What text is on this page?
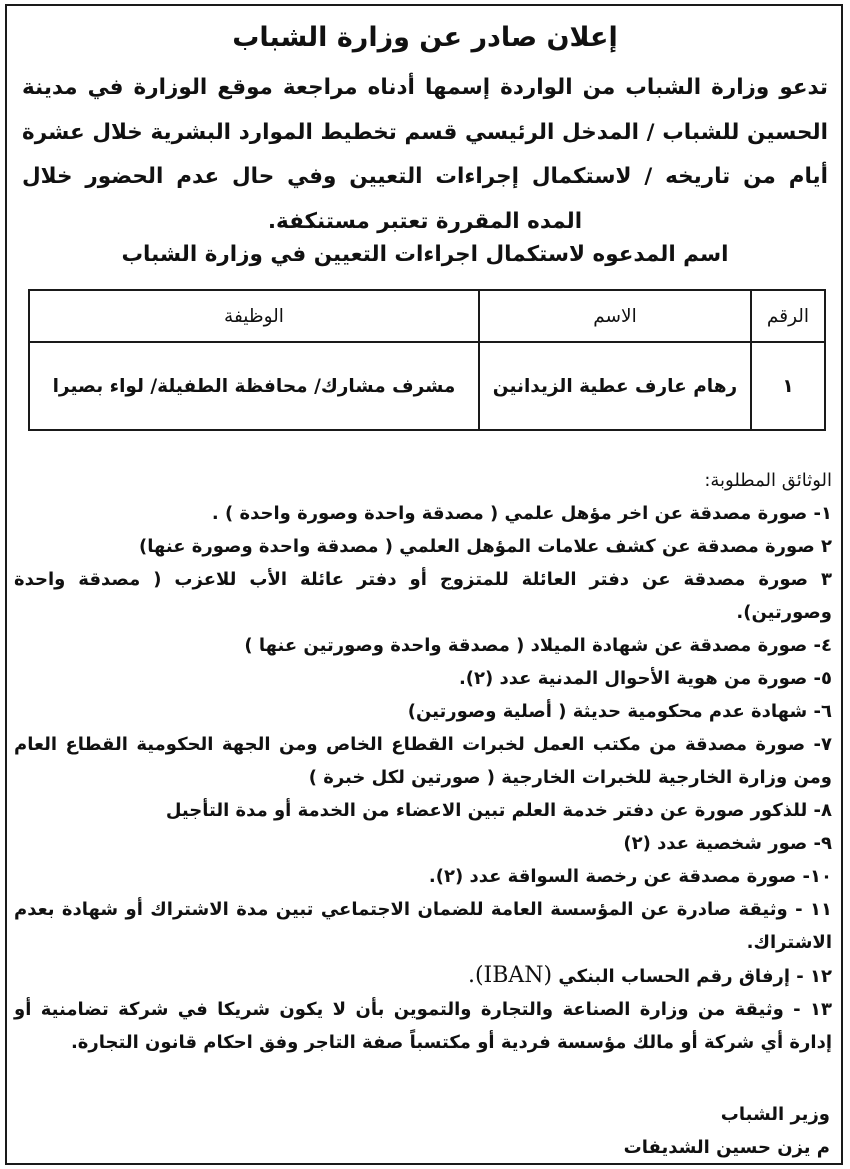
إعلان صادر عن وزارة الشباب
تدعو وزارة الشباب من الواردة إسمها أدناه مراجعة موقع الوزارة في مدينة الحسين للشباب / المدخل الرئيسي قسم تخطيط الموارد البشرية خلال عشرة أيام من تاريخه / لاستكمال إجراءات التعيين وفي حال عدم الحضور خلال المده المقررة تعتبر مستنكفة.
اسم المدعوه لاستكمال اجراءات التعيين في وزارة الشباب
الرقم	الاسم	الوظيفة
١	رهام عارف عطية الزيدانين	مشرف مشارك/ محافظة الطفيلة/ لواء بصيرا
الوثائق المطلوبة:
١- صورة مصدقة عن اخر مؤهل علمي ( مصدقة واحدة وصورة واحدة ) .
٢ صورة مصدقة عن كشف علامات المؤهل العلمي ( مصدقة واحدة وصورة عنها)
٣ صورة مصدقة عن دفتر العائلة للمتزوج أو دفتر عائلة الأب للاعزب ( مصدقة واحدة وصورتين).
٤- صورة مصدقة عن شهادة الميلاد ( مصدقة واحدة وصورتين عنها )
٥- صورة من هوية الأحوال المدنية عدد (٢).
٦- شهادة عدم محكومية حديثة ( أصلية وصورتين)
٧- صورة مصدقة من مكتب العمل لخبرات القطاع الخاص ومن الجهة الحكومية القطاع العام ومن وزارة الخارجية للخبرات الخارجية ( صورتين لكل خبرة )
٨- للذكور صورة عن دفتر خدمة العلم تبين الاعضاء من الخدمة أو مدة التأجيل
٩- صور شخصية عدد (٢)
١٠- صورة مصدقة عن رخصة السواقة عدد (٢).
١١ - وثيقة صادرة عن المؤسسة العامة للضمان الاجتماعي تبين مدة الاشتراك أو شهادة بعدم الاشتراك.
١٢ - إرفاق رقم الحساب البنكي (IBAN).
١٣ - وثيقة من وزارة الصناعة والتجارة والتموين بأن لا يكون شريكا في شركة تضامنية أو إدارة أي شركة أو مالك مؤسسة فردية أو مكتسباً صفة التاجر وفق احكام قانون التجارة.
وزير الشباب
م يزن حسين الشديفات
